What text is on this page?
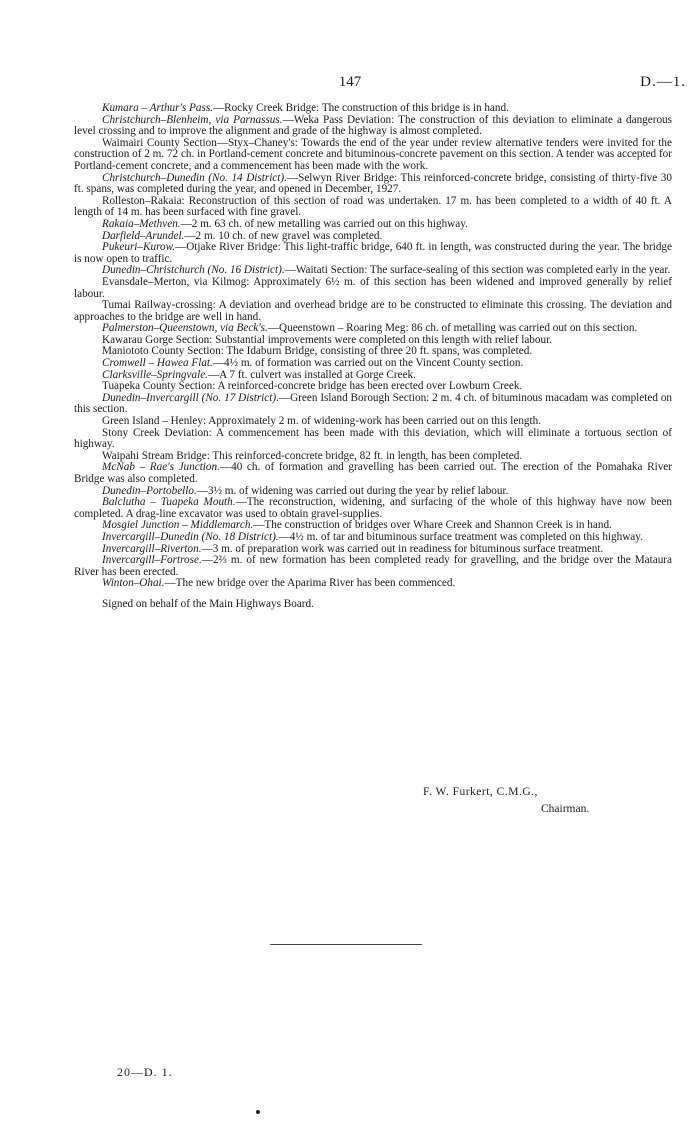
147	D.—1.

Kumara – Arthur's Pass.—Rocky Creek Bridge: The construction of this bridge is in hand.

Christchurch–Blenheim, via Parnassus.—Weka Pass Deviation: The construction of this deviation to eliminate a dangerous level crossing and to improve the alignment and grade of the highway is almost completed.

Waimairi County Section—Styx–Chaney's: Towards the end of the year under review alternative tenders were invited for the construction of 2 m. 72 ch. in Portland-cement concrete and bituminous-concrete pavement on this section. A tender was accepted for Portland-cement concrete, and a commencement has been made with the work.

Christchurch–Dunedin (No. 14 District).—Selwyn River Bridge: This reinforced-concrete bridge, consisting of thirty-five 30 ft. spans, was completed during the year, and opened in December, 1927.

Rolleston–Rakaia: Reconstruction of this section of road was undertaken. 17 m. has been completed to a width of 40 ft. A length of 14 m. has been surfaced with fine gravel.

Rakaia–Methven.—2 m. 63 ch. of new metalling was carried out on this highway.

Darfield–Arundel.—2 m. 10 ch. of new gravel was completed.

Pukeuri–Kurow.—Otjake River Bridge: This light-traffic bridge, 640 ft. in length, was constructed during the year. The bridge is now open to traffic.

Dunedin–Christchurch (No. 16 District).—Waitati Section: The surface-sealing of this section was completed early in the year.

Evansdale–Merton, via Kilmog: Approximately 6½ m. of this section has been widened and improved generally by relief labour.

Tumai Railway-crossing: A deviation and overhead bridge are to be constructed to eliminate this crossing. The deviation and approaches to the bridge are well in hand.

Palmerston–Queenstown, via Beck's.—Queenstown – Roaring Meg: 86 ch. of metalling was carried out on this section.

Kawarau Gorge Section: Substantial improvements were completed on this length with relief labour.

Maniototo County Section: The Idaburn Bridge, consisting of three 20 ft. spans, was completed.

Cromwell – Hawea Flat.—4½ m. of formation was carried out on the Vincent County section.

Clarksville–Springvale.—A 7 ft. culvert was installed at Gorge Creek.

Tuapeka County Section: A reinforced-concrete bridge has been erected over Lowburn Creek.

Dunedin–Invercargill (No. 17 District).—Green Island Borough Section: 2 m. 4 ch. of bituminous macadam was completed on this section.

Green Island – Henley: Approximately 2 m. of widening-work has been carried out on this length.

Stony Creek Deviation: A commencement has been made with this deviation, which will eliminate a tortuous section of highway.

Waipahi Stream Bridge: This reinforced-concrete bridge, 82 ft. in length, has been completed.

McNab – Rae's Junction.—40 ch. of formation and gravelling has been carried out. The erection of the Pomahaka River Bridge was also completed.

Dunedin–Portobello.—3½ m. of widening was carried out during the year by relief labour.

Balclutha – Tuapeka Mouth.—The reconstruction, widening, and surfacing of the whole of this highway have now been completed. A drag-line excavator was used to obtain gravel-supplies.

Mosgiel Junction – Middlemarch.—The construction of bridges over Whare Creek and Shannon Creek is in hand.

Invercargill–Dunedin (No. 18 District).—4½ m. of tar and bituminous surface treatment was completed on this highway.

Invercargill–Riverton.—3 m. of preparation work was carried out in readiness for bituminous surface treatment.

Invercargill–Fortrose.—2⅔ m. of new formation has been completed ready for gravelling, and the bridge over the Mataura River has been erected.

Winton–Ohai.—The new bridge over the Aparima River has been commenced.

Signed on behalf of the Main Highways Board.

F. W. Furkert, C.M.G.,
Chairman.
20—D. 1.
